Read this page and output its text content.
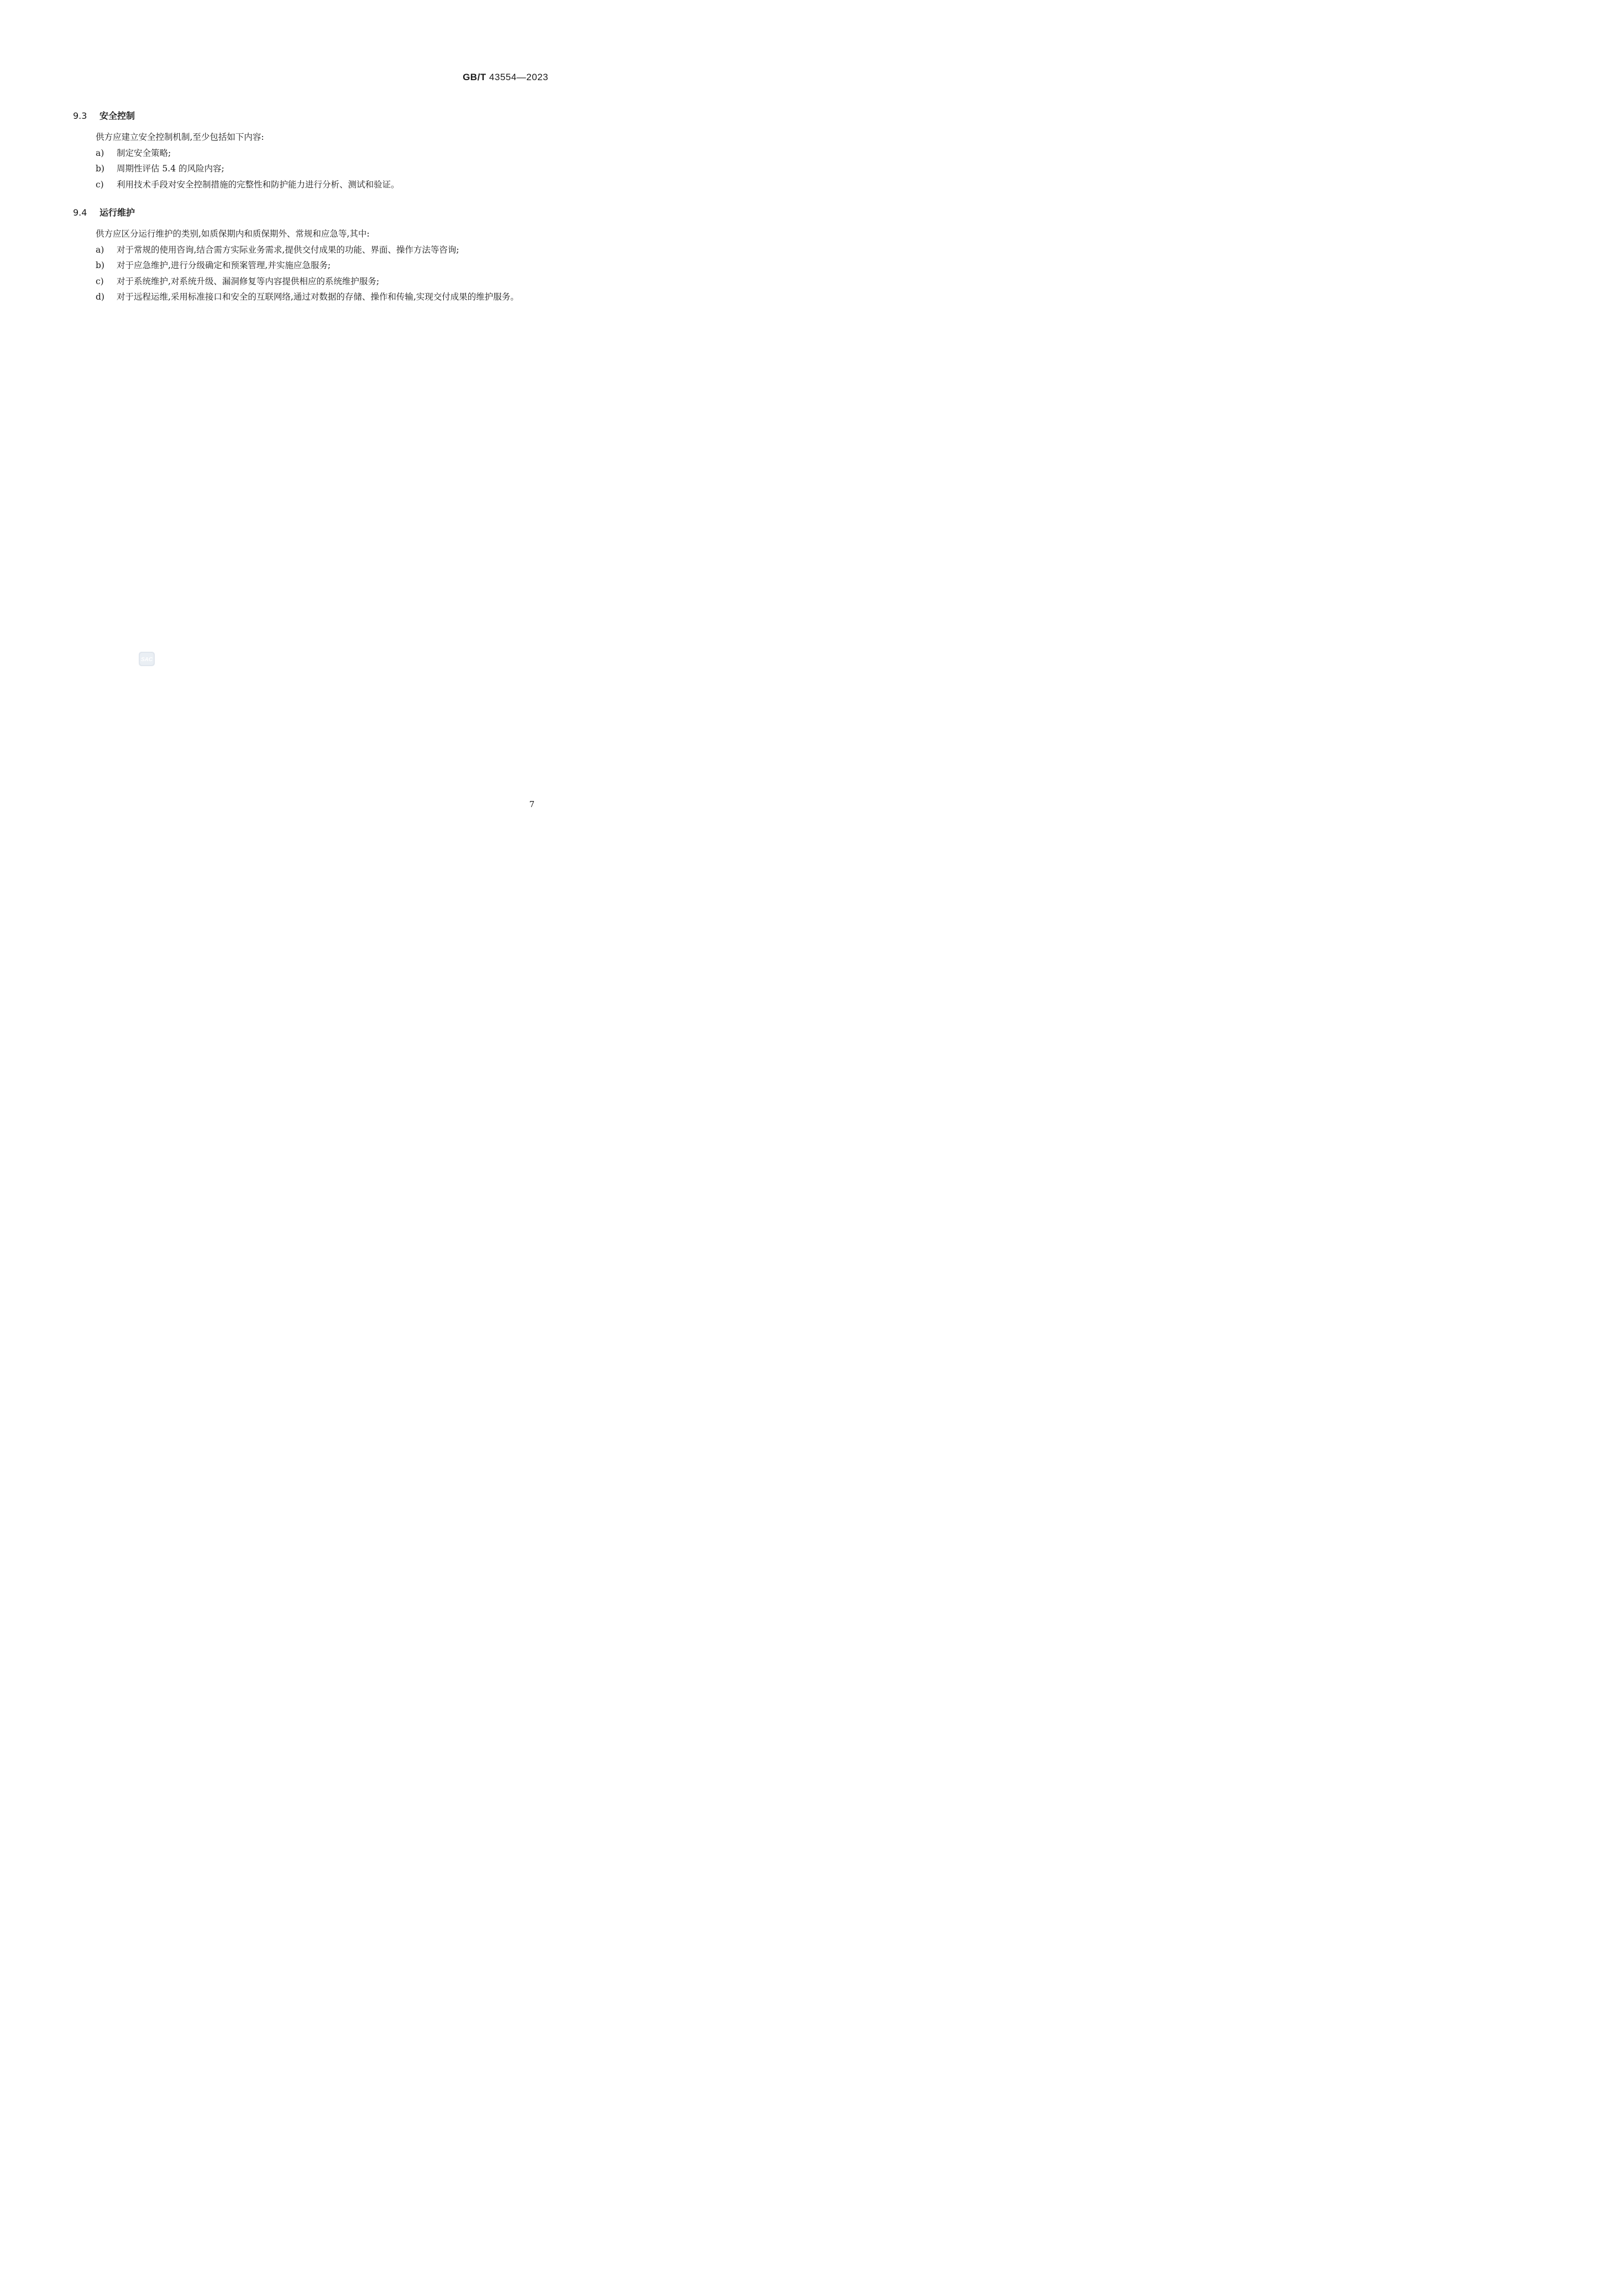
GB/T 43554—2023
9.3 安全控制
供方应建立安全控制机制,至少包括如下内容:
a) 制定安全策略;
b) 周期性评估 5.4 的风险内容;
c) 利用技术手段对安全控制措施的完整性和防护能力进行分析、测试和验证。
9.4 运行维护
供方应区分运行维护的类别,如质保期内和质保期外、常规和应急等,其中:
a) 对于常规的使用咨询,结合需方实际业务需求,提供交付成果的功能、界面、操作方法等咨询;
b) 对于应急维护,进行分级确定和预案管理,并实施应急服务;
c) 对于系统维护,对系统升级、漏洞修复等内容提供相应的系统维护服务;
d) 对于远程运维,采用标准接口和安全的互联网络,通过对数据的存储、操作和传输,实现交付成果的维护服务。
SAC
7
